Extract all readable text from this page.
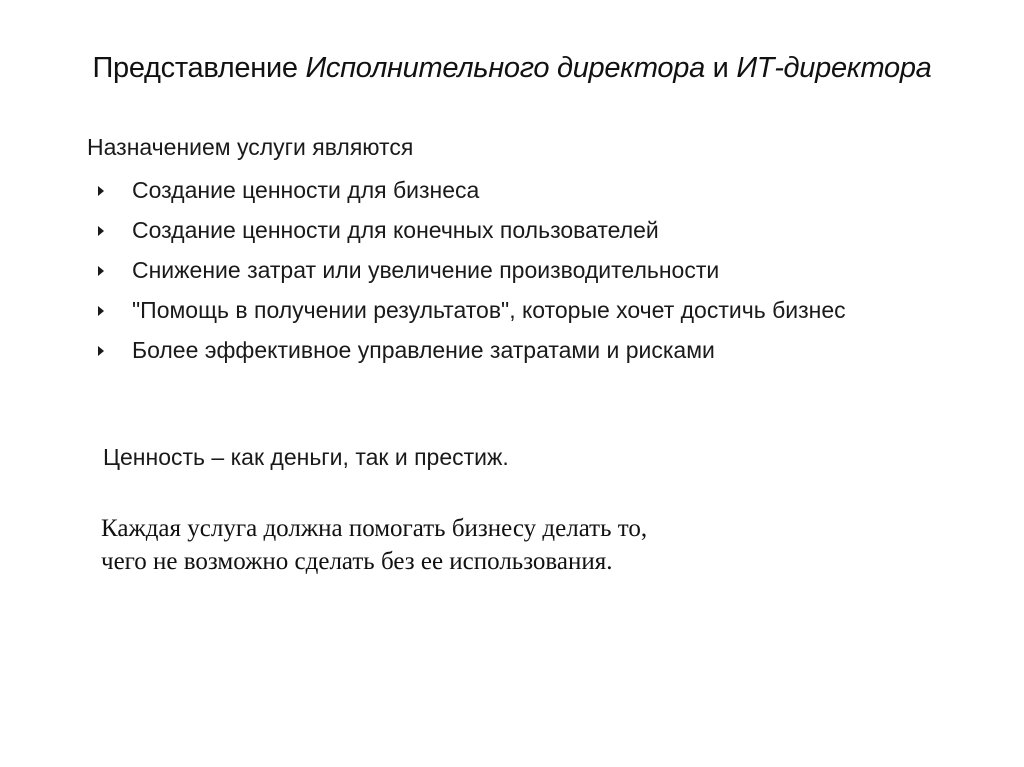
Представление Исполнительного директора и ИТ-директора
Назначением услуги являются
Создание ценности для бизнеса
Создание ценности для конечных пользователей
Снижение затрат или увеличение производительности
"Помощь в получении результатов", которые хочет достичь бизнес
Более эффективное управление затратами и рисками
Ценность – как деньги, так и престиж.
Каждая услуга должна помогать бизнесу делать то,
чего не возможно сделать без ее использования.
